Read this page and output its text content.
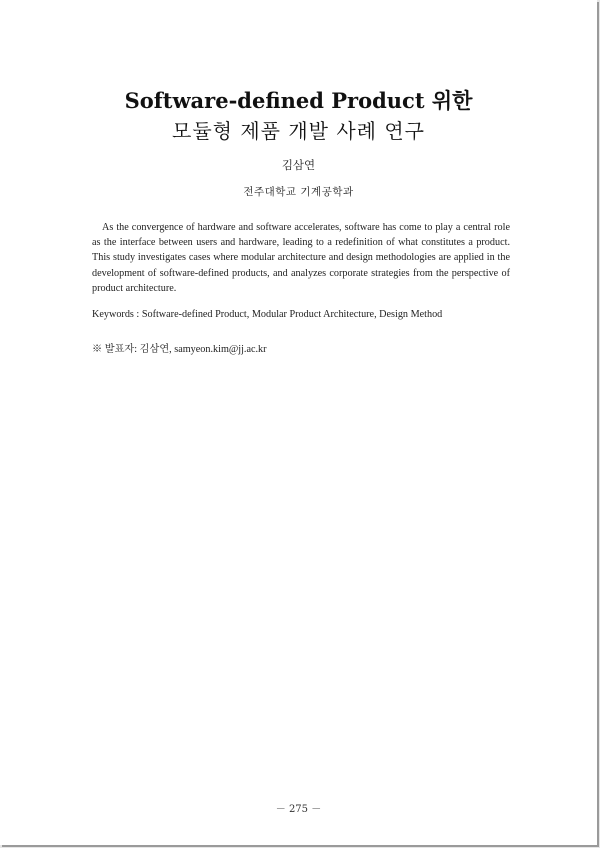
Software-defined Product 위한
모듈형 제품 개발 사례 연구
김삼연
전주대학교 기계공학과
As the convergence of hardware and software accelerates, software has come to play a central role as the interface between users and hardware, leading to a redefinition of what constitutes a product. This study investigates cases where modular architecture and design methodologies are applied in the development of software-defined products, and analyzes corporate strategies from the perspective of product architecture.
Keywords : Software-defined Product, Modular Product Architecture, Design Method
※ 발표자: 김삼연, samyeon.kim@jj.ac.kr
－ 275 －
